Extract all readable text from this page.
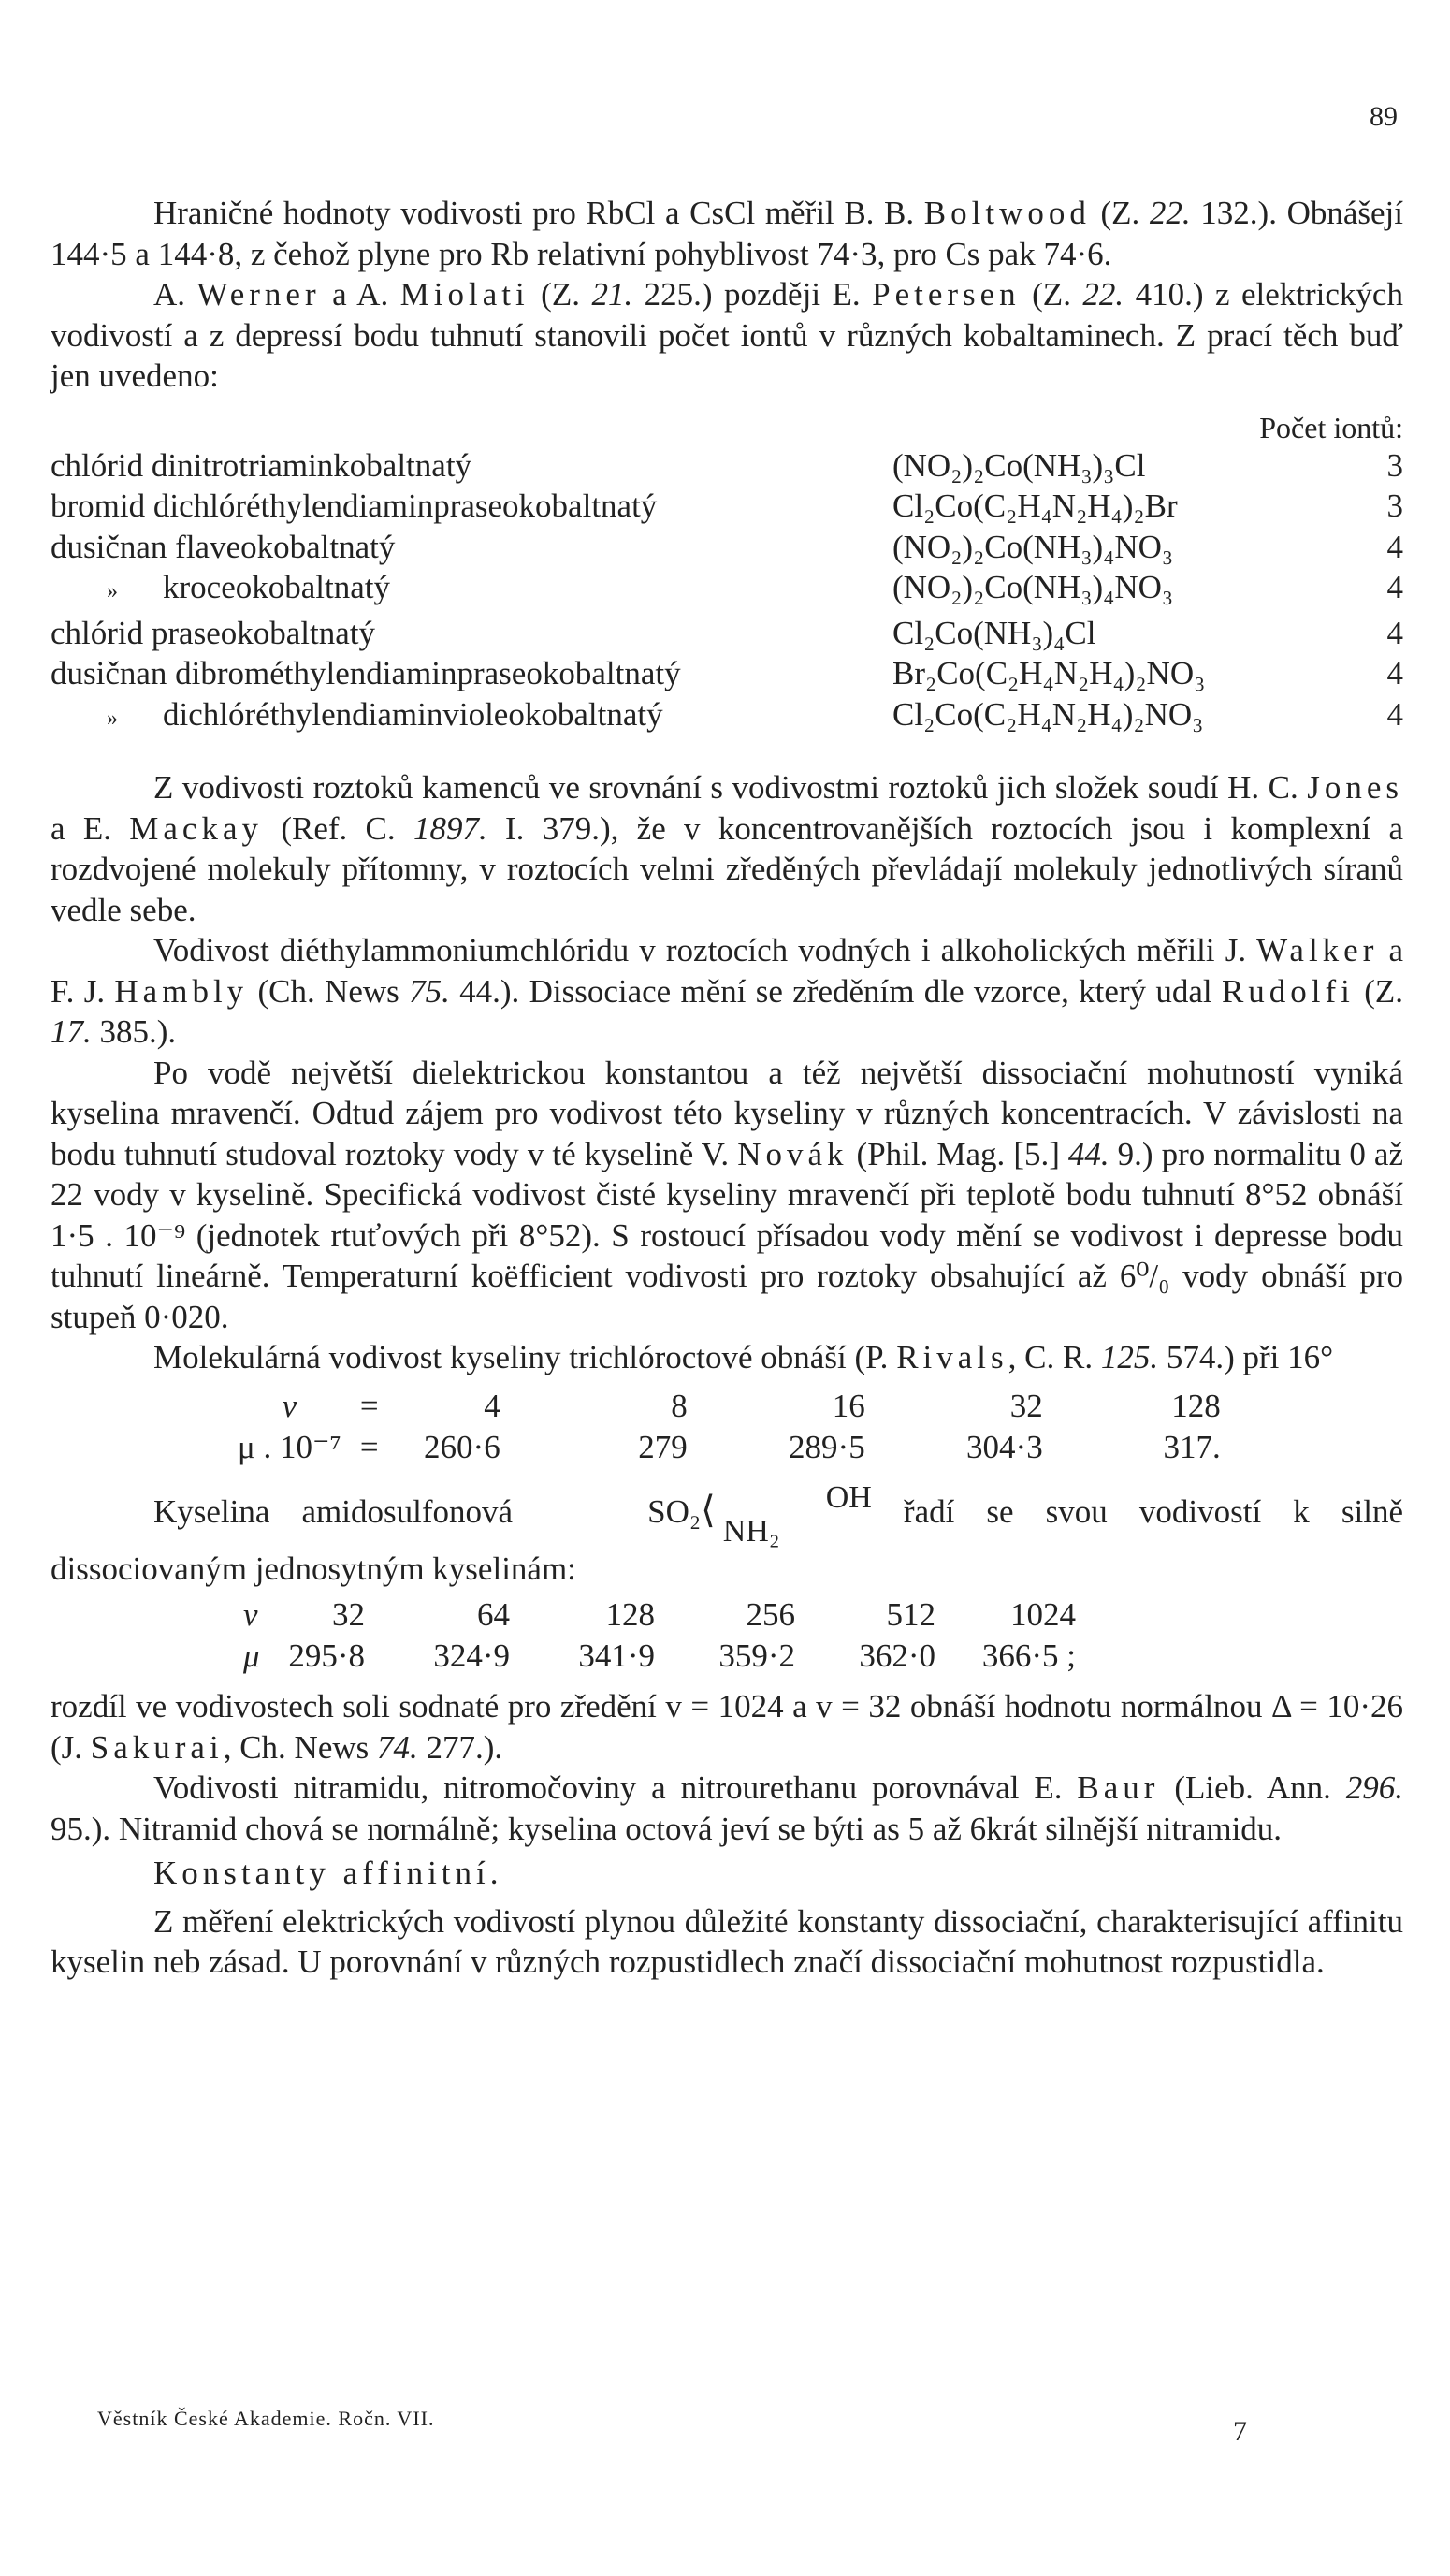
89

Hraničné hodnoty vodivosti pro RbCl a CsCl měřil B. B. Boltwood (Z. 22. 132.). Obnášejí 144·5 a 144·8, z čehož plyne pro Rb relativní pohyblivost 74·3, pro Cs pak 74·6.

A. Werner a A. Miolati (Z. 21. 225.) později E. Petersen (Z. 22. 410.) z elektrických vodivostí a z depressí bodu tuhnutí stanovili počet iontů v různých kobaltaminech. Z prací těch buď jen uvedeno:

Počet iontů:
chlórid dinitrotriaminkobaltnatý	(NO₂)₂Co(NH₃)₃Cl	3
bromid dichlóréthylendiaminpraseokobaltnatý	Cl₂Co(C₂H₄N₂H₄)₂Br	3
dusičnan flaveokobaltnatý	(NO₂)₂Co(NH₃)₄NO₃	4
» kroceokobaltnatý	(NO₂)₂Co(NH₃)₄NO₃	4
chlórid praseokobaltnatý	Cl₂Co(NH₃)₄Cl	4
dusičnan dibrométhylendiaminpraseokobaltnatý	Br₂Co(C₂H₄N₂H₄)₂NO₃	4
» dichlóréthylendiaminvioleokobaltnatý	Cl₂Co(C₂H₄N₂H₄)₂NO₃	4

Z vodivosti roztoků kamenců ve srovnání s vodivostmi roztoků jich složek soudí H. C. Jones a E. Mackay (Ref. C. 1897. I. 379.), že v koncentrovanějších roztocích jsou i komplexní a rozdvojené molekuly přítomny, v roztocích velmi zředěných převládají molekuly jednotlivých síranů vedle sebe.

Vodivost diéthylammoniumchlóridu v roztocích vodných i alkoholických měřili J. Walker a F. J. Hambly (Ch. News 75. 44.). Dissociace mění se zředěním dle vzorce, který udal Rudolfi (Z. 17. 385.).

Po vodě největší dielektrickou konstantou a též největší dissociační mohutností vyniká kyselina mravenčí. Odtud zájem pro vodivost této kyseliny v různých koncentracích. V závislosti na bodu tuhnutí studoval roztoky vody v té kyselině V. Novák (Phil. Mag. [5.] 44. 9.) pro normalitu 0 až 22 vody v kyselině. Specifická vodivost čisté kyseliny mravenčí při teplotě bodu tuhnutí 8°52 obnáší 1·5 . 10⁻⁹ (jednotek rtuťových při 8°52). S rostoucí přísadou vody mění se vodivost i depresse bodu tuhnutí lineárně. Temperaturní koëfficient vodivosti pro roztoky obsahující až 6⁰/₀ vody obnáší pro stupeň 0·020.

Molekulárná vodivost kyseliny trichlóroctové obnáší (P. Rivals, C. R. 125. 574.) při 16°

v	=	4	8	16	32	128
μ . 10⁻⁷	=	260·6	279	289·5	304·3	317.

Kyselina amidosulfonová	SO₂⟨	OH
NH₂ řadí se svou vodivostí k silně dissociovaným jednosytným kyselinám:

v	32	64	128	256	512	1024
μ	295·8	324·9	341·9	359·2	362·0	366·5 ;

rozdíl ve vodivostech soli sodnaté pro zředění v = 1024 a v = 32 obnáší hodnotu normálnou Δ = 10·26 (J. Sakurai, Ch. News 74. 277.).

Vodivosti nitramidu, nitromočoviny a nitrourethanu porovnával E. Baur (Lieb. Ann. 296. 95.). Nitramid chová se normálně; kyselina octová jeví se býti as 5 až 6krát silnější nitramidu.

Konstanty affinitní.

Z měření elektrických vodivostí plynou důležité konstanty dissociační, charakterisující affinitu kyselin neb zásad. U porovnání v různých rozpustidlech značí dissociační mohutnost rozpustidla.

Věstník České Akademie. Ročn. VII.	7
